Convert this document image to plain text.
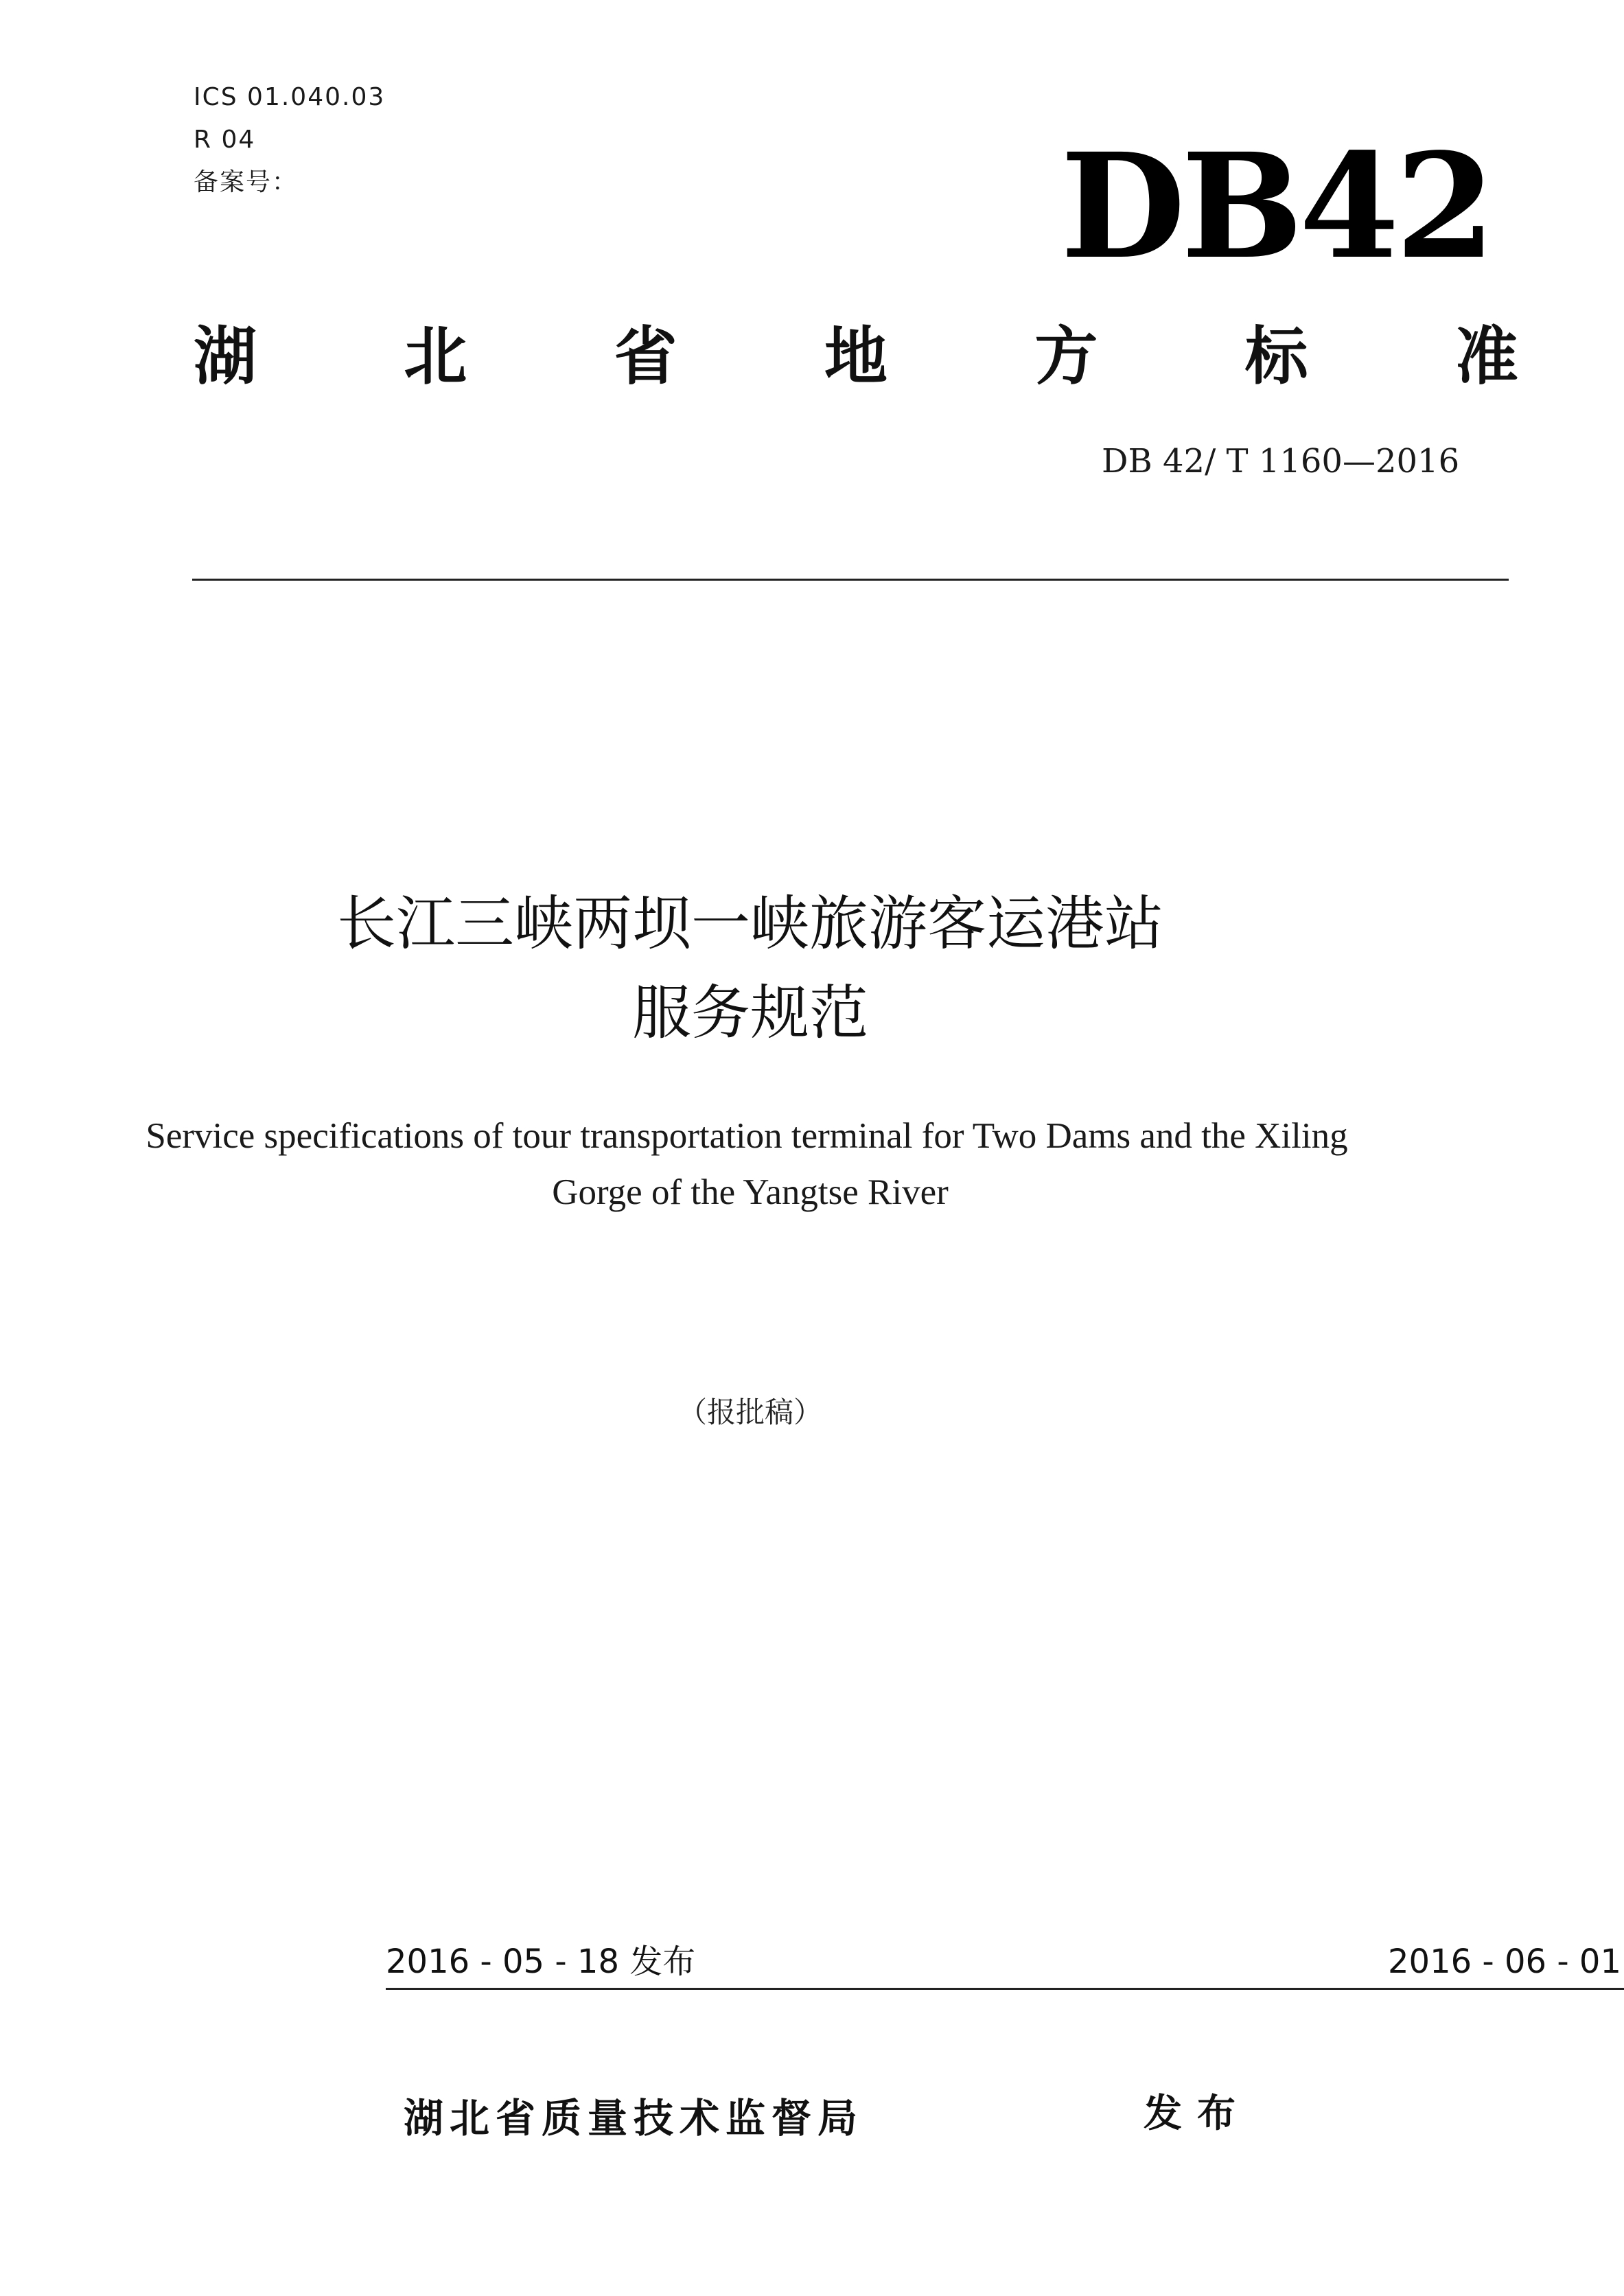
ICS 01.040.03
R 04
备案号：	DB42
湖 北 省 地 方 标 准
DB 42/ T 1160—2016
长江三峡两坝一峡旅游客运港站
服务规范
Service specifications of tour transportation terminal for Two Dams and the Xiling
Gorge of the Yangtse River
（报批稿）
2016 - 05 - 18 发布	2016 - 06 - 01
湖北省质量技术监督局	发布
